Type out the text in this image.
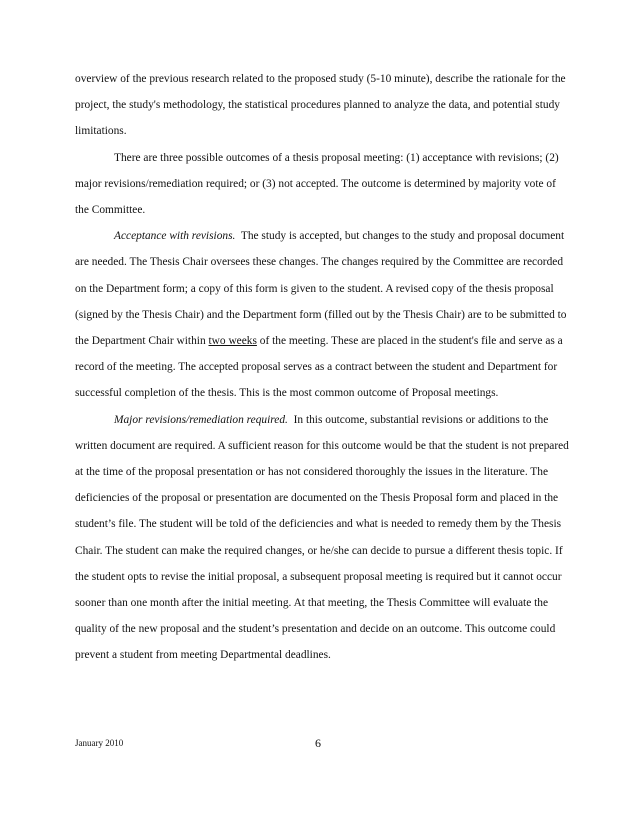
overview of the previous research related to the proposed study (5-10 minute), describe the rationale for the project, the study's methodology, the statistical procedures planned to analyze the data, and potential study limitations.

There are three possible outcomes of a thesis proposal meeting: (1) acceptance with revisions; (2) major revisions/remediation required; or (3) not accepted. The outcome is determined by majority vote of the Committee.

Acceptance with revisions. The study is accepted, but changes to the study and proposal document are needed. The Thesis Chair oversees these changes. The changes required by the Committee are recorded on the Department form; a copy of this form is given to the student. A revised copy of the thesis proposal (signed by the Thesis Chair) and the Department form (filled out by the Thesis Chair) are to be submitted to the Department Chair within two weeks of the meeting. These are placed in the student's file and serve as a record of the meeting. The accepted proposal serves as a contract between the student and Department for successful completion of the thesis. This is the most common outcome of Proposal meetings.

Major revisions/remediation required. In this outcome, substantial revisions or additions to the written document are required. A sufficient reason for this outcome would be that the student is not prepared at the time of the proposal presentation or has not considered thoroughly the issues in the literature. The deficiencies of the proposal or presentation are documented on the Thesis Proposal form and placed in the student’s file. The student will be told of the deficiencies and what is needed to remedy them by the Thesis Chair. The student can make the required changes, or he/she can decide to pursue a different thesis topic. If the student opts to revise the initial proposal, a subsequent proposal meeting is required but it cannot occur sooner than one month after the initial meeting. At that meeting, the Thesis Committee will evaluate the quality of the new proposal and the student’s presentation and decide on an outcome. This outcome could prevent a student from meeting Departmental deadlines.

January 2010	6
